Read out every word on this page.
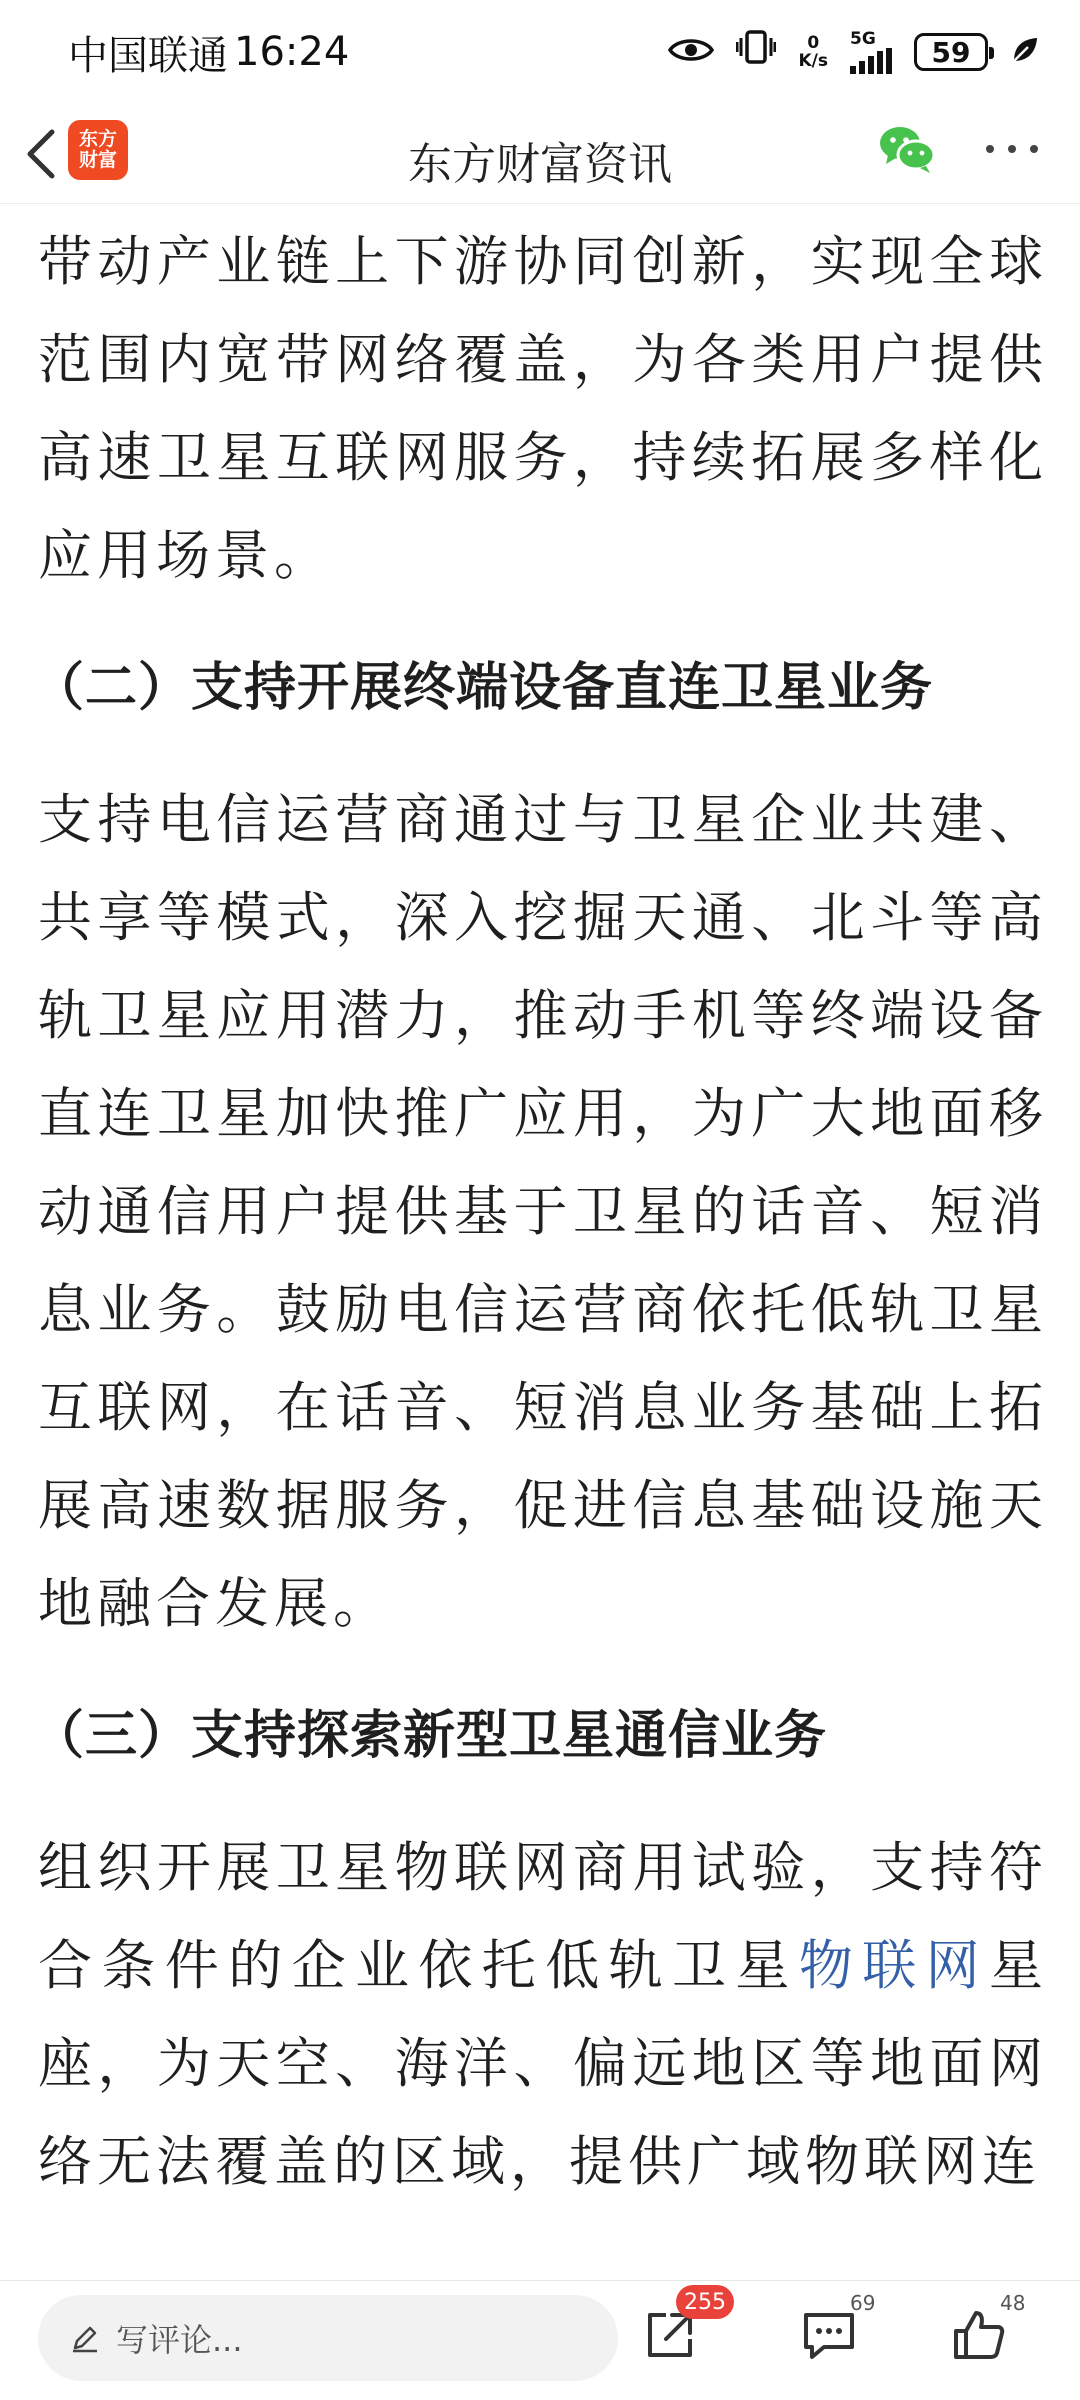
中国联通 16:24	0
K/s
5G 59
东方
财富	东方财富资讯

带动产业链上下游协同创新，实现全球范围内宽带网络覆盖，为各类用户提供高速卫星互联网服务，持续拓展多样化应用场景。

（二）支持开展终端设备直连卫星业务

支持电信运营商通过与卫星企业共建、共享等模式，深入挖掘天通、北斗等高轨卫星应用潜力，推动手机等终端设备直连卫星加快推广应用，为广大地面移动通信用户提供基于卫星的话音、短消息业务。鼓励电信运营商依托低轨卫星互联网，在话音、短消息业务基础上拓展高速数据服务，促进信息基础设施天地融合发展。

（三）支持探索新型卫星通信业务

组织开展卫星物联网商用试验，支持符合条件的企业依托低轨卫星物联网星座，为天空、海洋、偏远地区等地面网络无法覆盖的区域，提供广域物联网连

写评论...
255	69	48
